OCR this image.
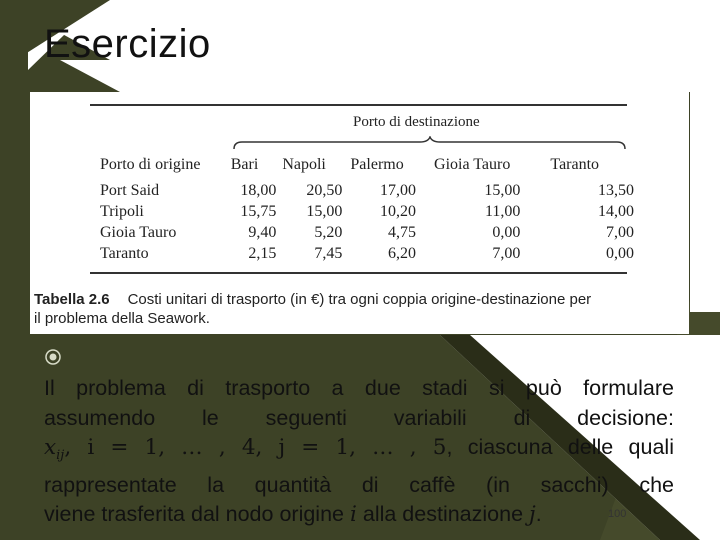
Esercizio
Porto di destinazione
Porto di origine	Bari	Napoli	Palermo	Gioia Tauro	Taranto
Port Said	18,00	20,50	17,00	15,00	13,50
Tripoli	15,75	15,00	10,20	11,00	14,00
Gioia Tauro	9,40	5,20	4,75	0,00	7,00
Taranto	2,15	7,45	6,20	7,00	0,00
Tabella 2.6 Costi unitari di trasporto (in €) tra ogni coppia origine-destinazione per
il problema della Seawork.
Il problema di trasporto a due stadi si può formulare
assumendo le seguenti variabili di decisione:
$x_{ij}$, i = 1, … , 4, j = 1, … , 5, ciascuna delle quali
rappresentate la quantità di caffè (in sacchi) che
viene trasferita dal nodo origine i alla destinazione j.	100
